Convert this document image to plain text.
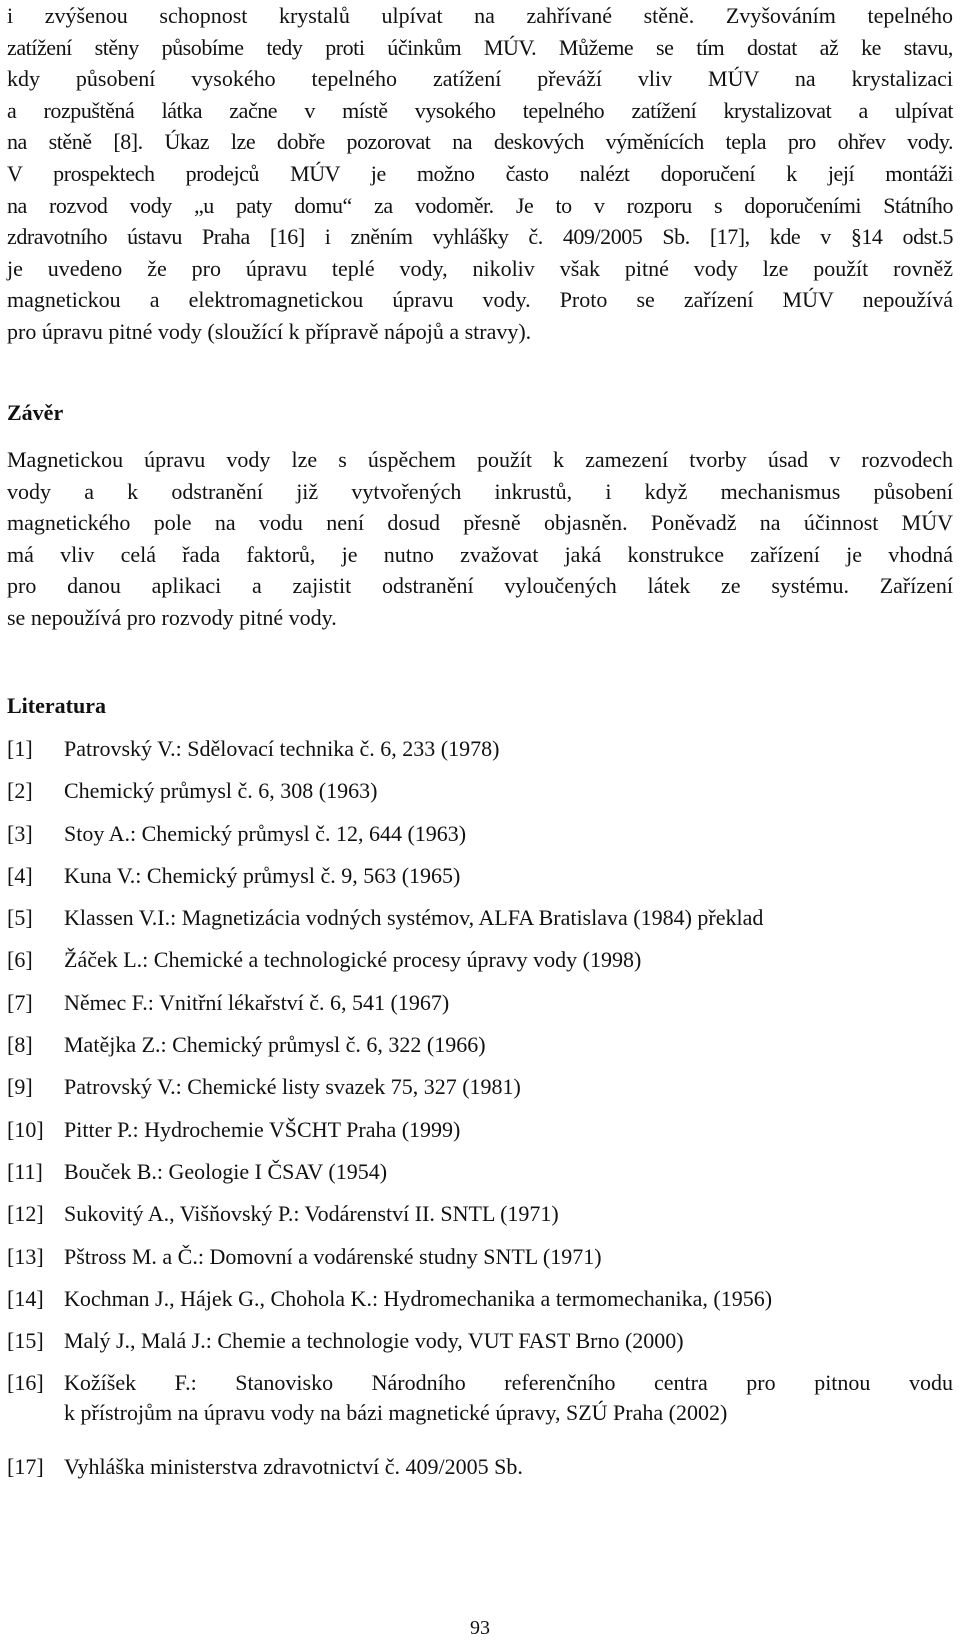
i zvýšenou schopnost krystalů ulpívat na zahřívané stěně. Zvyšováním tepelného
zatížení stěny působíme tedy proti účinkům MÚV. Můžeme se tím dostat až ke stavu,
kdy působení vysokého tepelného zatížení převáží vliv MÚV na krystalizaci
a rozpuštěná látka začne v místě vysokého tepelného zatížení krystalizovat a ulpívat
na stěně [8]. Úkaz lze dobře pozorovat na deskových výměnících tepla pro ohřev vody.
V prospektech prodejců MÚV je možno často nalézt doporučení k její montáži
na rozvod vody „u paty domu“ za vodoměr. Je to v rozporu s doporučeními Státního
zdravotního ústavu Praha [16] i zněním vyhlášky č. 409/2005 Sb. [17], kde v §14 odst.5
je uvedeno že pro úpravu teplé vody, nikoliv však pitné vody lze použít rovněž
magnetickou a elektromagnetickou úpravu vody. Proto se zařízení MÚV nepoužívá
pro úpravu pitné vody (sloužící k přípravě nápojů a stravy).
Závěr
Magnetickou úpravu vody lze s úspěchem použít k zamezení tvorby úsad v rozvodech
vody a k odstranění již vytvořených inkrustů, i když mechanismus působení
magnetického pole na vodu není dosud přesně objasněn. Poněvadž na účinnost MÚV
má vliv celá řada faktorů, je nutno zvažovat jaká konstrukce zařízení je vhodná
pro danou aplikaci a zajistit odstranění vyloučených látek ze systému. Zařízení
se nepoužívá pro rozvody pitné vody.
Literatura
[1] Patrovský V.: Sdělovací technika č. 6, 233 (1978)
[2] Chemický průmysl č. 6, 308 (1963)
[3] Stoy A.: Chemický průmysl č. 12, 644 (1963)
[4] Kuna V.: Chemický průmysl č. 9, 563 (1965)
[5] Klassen V.I.: Magnetizácia vodných systémov, ALFA Bratislava (1984) překlad
[6] Žáček L.: Chemické a technologické procesy úpravy vody (1998)
[7] Němec F.: Vnitřní lékařství č. 6, 541 (1967)
[8] Matějka Z.: Chemický průmysl č. 6, 322 (1966)
[9] Patrovský V.: Chemické listy svazek 75, 327 (1981)
[10] Pitter P.: Hydrochemie VŠCHT Praha (1999)
[11] Bouček B.: Geologie I ČSAV (1954)
[12] Sukovitý A., Višňovský P.: Vodárenství II. SNTL (1971)
[13] Pštross M. a Č.: Domovní a vodárenské studny SNTL (1971)
[14] Kochman J., Hájek G., Chohola K.: Hydromechanika a termomechanika, (1956)
[15] Malý J., Malá J.: Chemie a technologie vody, VUT FAST Brno (2000)
[16] Kožíšek F.: Stanovisko Národního referenčního centra pro pitnou vodu
k přístrojům na úpravu vody na bázi magnetické úpravy, SZÚ Praha (2002)
[17] Vyhláška ministerstva zdravotnictví č. 409/2005 Sb.

93
